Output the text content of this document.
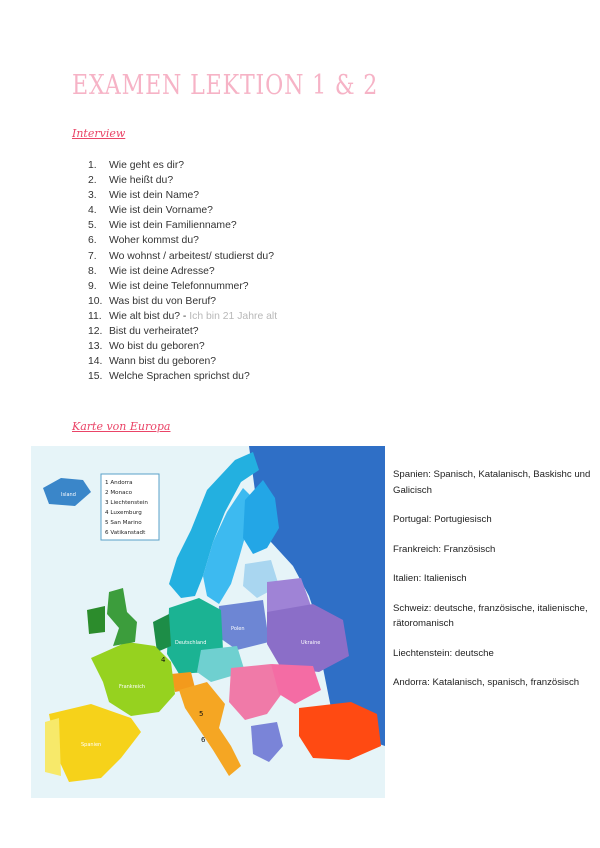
EXAMEN LEKTION 1 & 2
Interview
1. Wie geht es dir?
2. Wie heißt du?
3. Wie ist dein Name?
4. Wie ist dein Vorname?
5. Wie ist dein Familienname?
6. Woher kommst du?
7. Wo wohnst / arbeitest/ studierst du?
8. Wie ist deine Adresse?
9. Wie ist deine Telefonnummer?
10. Was bist du von Beruf?
11. Wie alt bist du? - Ich bin 21 Jahre alt
12. Bist du verheiratet?
13. Wo bist du geboren?
14. Wann bist du geboren?
15. Welche Sprachen sprichst du?
Karte von Europa
1 Andorra
2 Monaco
3 Liechtenstein
4 Luxemburg
5 San Marino
6 Vatikanstadt
Island
Deutschland
Frankreich
Spanien
Polen
Ukraine
4
5
6

Spanien: Spanisch, Katalanisch, Baskishc und Galicisch

Portugal: Portugiesisch

Frankreich: Französisch

Italien: Italienisch

Schweiz: deutsche, französische, italienische, rätoromanisch

Liechtenstein: deutsche

Andorra: Katalanisch, spanisch, französisch
